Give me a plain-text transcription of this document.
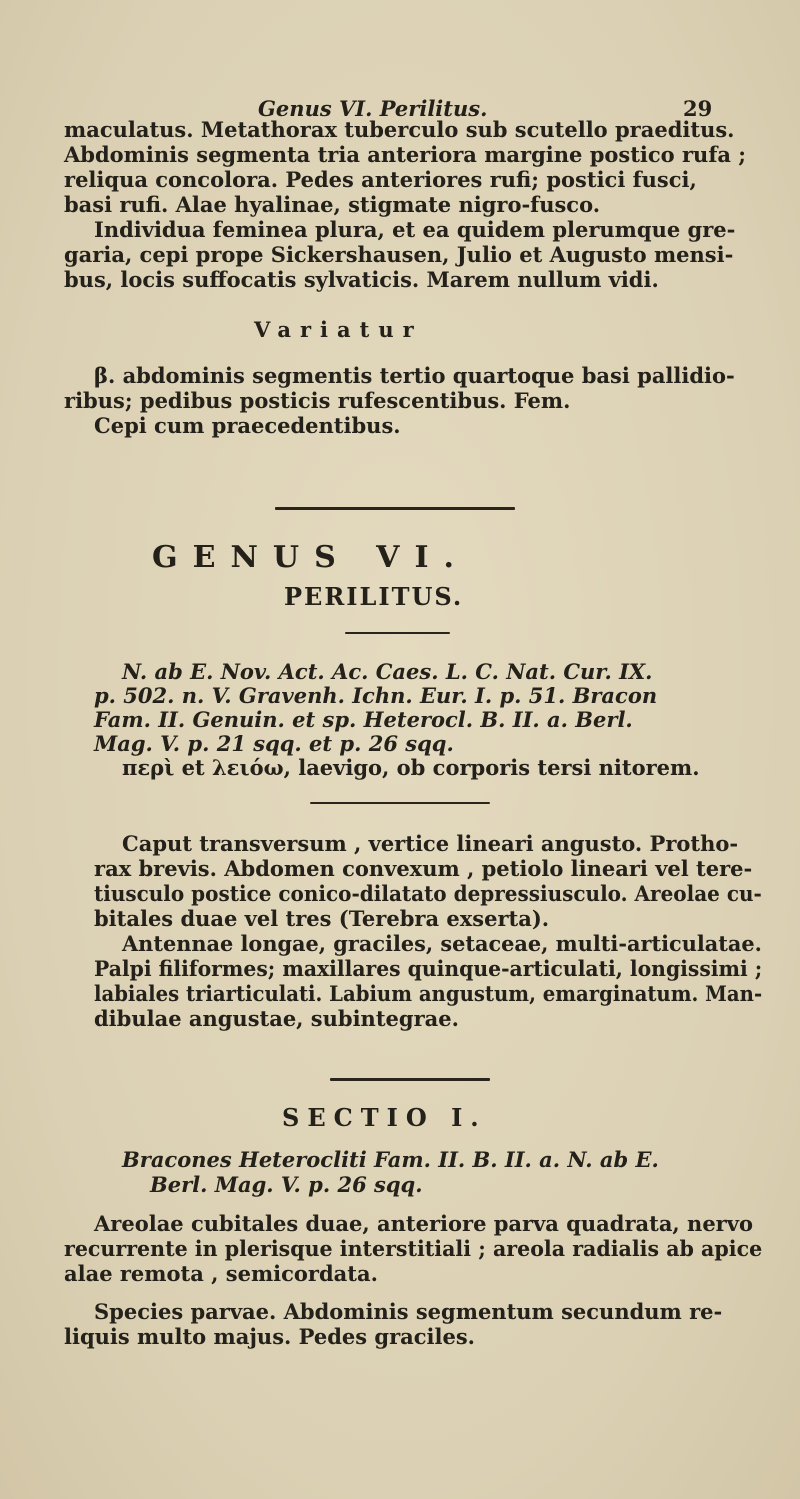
Genus VI. Perilitus.	29
maculatus. Metathorax tuberculo sub scutello praeditus.
Abdominis segmenta tria anteriora margine postico rufa ;
reliqua concolora. Pedes anteriores rufi; postici fusci,
basi rufi. Alae hyalinae, stigmate nigro-fusco.
Individua feminea plura, et ea quidem plerumque gre-
garia, cepi prope Sickershausen, Julio et Augusto mensi-
bus, locis suffocatis sylvaticis. Marem nullum vidi.
Variatur
β. abdominis segmentis tertio quartoque basi pallidio-
ribus; pedibus posticis rufescentibus. Fem.
Cepi cum praecedentibus.
GENUS VI.
PERILITUS.
N. ab E. Nov. Act. Ac. Caes. L. C. Nat. Cur. IX.
p. 502. n. V. Gravenh. Ichn. Eur. I. p. 51. Bracon
Fam. II. Genuin. et sp. Heterocl. B. II. a. Berl.
Mag. V. p. 21 sqq. et p. 26 sqq.
περὶ et λειόω, laevigo, ob corporis tersi nitorem.
Caput transversum , vertice lineari angusto. Protho-
rax brevis. Abdomen convexum , petiolo lineari vel tere-
tiusculo postice conico-dilatato depressiusculo. Areolae cu-
bitales duae vel tres (Terebra exserta).
Antennae longae, graciles, setaceae, multi-articulatae.
Palpi filiformes; maxillares quinque-articulati, longissimi ;
labiales triarticulati. Labium angustum, emarginatum. Man-
dibulae angustae, subintegrae.
SECTIO I.
Bracones Heterocliti Fam. II. B. II. a. N. ab E.
Berl. Mag. V. p. 26 sqq.
Areolae cubitales duae, anteriore parva quadrata, nervo
recurrente in plerisque interstitiali ; areola radialis ab apice
alae remota , semicordata.
Species parvae. Abdominis segmentum secundum re-
liquis multo majus. Pedes graciles.
